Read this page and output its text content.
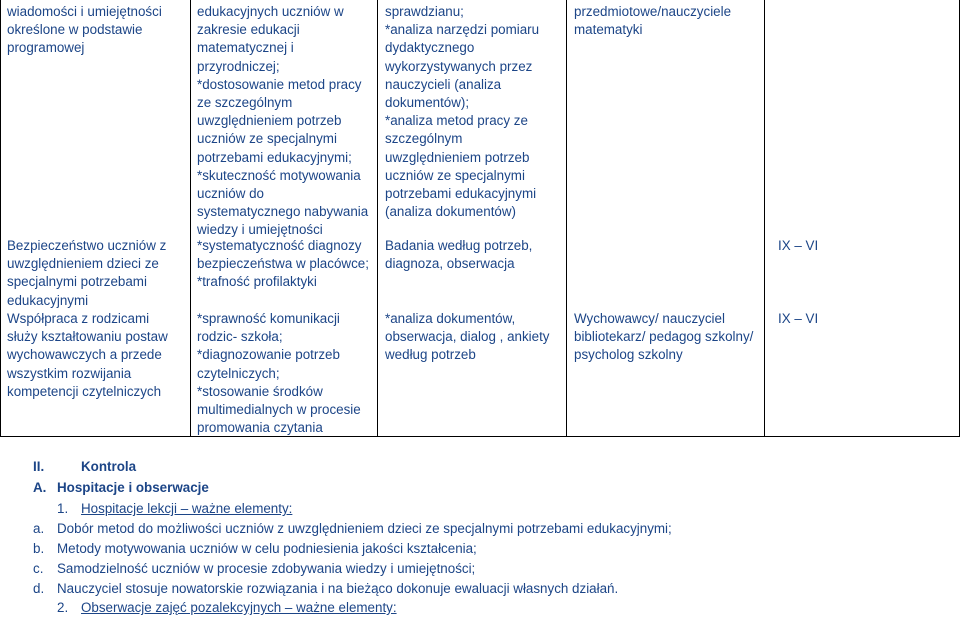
wiadomości i umiejętności
określone w podstawie
programowej
Bezpieczeństwo uczniów z
uwzględnieniem dzieci ze
specjalnymi potrzebami
edukacyjnymi
Współpraca z rodzicami
służy kształtowaniu postaw
wychowawczych a przede
wszystkim rozwijania
kompetencji czytelniczych
edukacyjnych uczniów w
zakresie edukacji
matematycznej i
przyrodniczej;
*dostosowanie metod pracy
ze szczególnym
uwzględnieniem potrzeb
uczniów ze specjalnymi
potrzebami edukacyjnymi;
*skuteczność motywowania
uczniów do
systematycznego nabywania
wiedzy i umiejętności
*systematyczność diagnozy
bezpieczeństwa w placówce;
*trafność profilaktyki
*sprawność komunikacji
rodzic- szkoła;
*diagnozowanie potrzeb
czytelniczych;
*stosowanie środków
multimedialnych w procesie
promowania czytania
sprawdzianu;
*analiza narzędzi pomiaru
dydaktycznego
wykorzystywanych przez
nauczycieli (analiza
dokumentów);
*analiza metod pracy ze
szczególnym
uwzględnieniem potrzeb
uczniów ze specjalnymi
potrzebami edukacyjnymi
(analiza dokumentów)
Badania według potrzeb,
diagnoza, obserwacja
*analiza dokumentów,
obserwacja, dialog , ankiety
według potrzeb
przedmiotowe/nauczyciele
matematyki
Wychowawcy/ nauczyciel
bibliotekarz/ pedagog szkolny/
psycholog szkolny
IX – VI
IX – VI
II.	Kontrola
A. Hospitacje i obserwacje
1. Hospitacje lekcji – ważne elementy:
a. Dobór metod do możliwości uczniów z uwzględnieniem dzieci ze specjalnymi potrzebami edukacyjnymi;
b. Metody motywowania uczniów w celu podniesienia jakości kształcenia;
c. Samodzielność uczniów w procesie zdobywania wiedzy i umiejętności;
d. Nauczyciel stosuje nowatorskie rozwiązania i na bieżąco dokonuje ewaluacji własnych działań.
2. Obserwacje zajęć pozalekcyjnych – ważne elementy:
